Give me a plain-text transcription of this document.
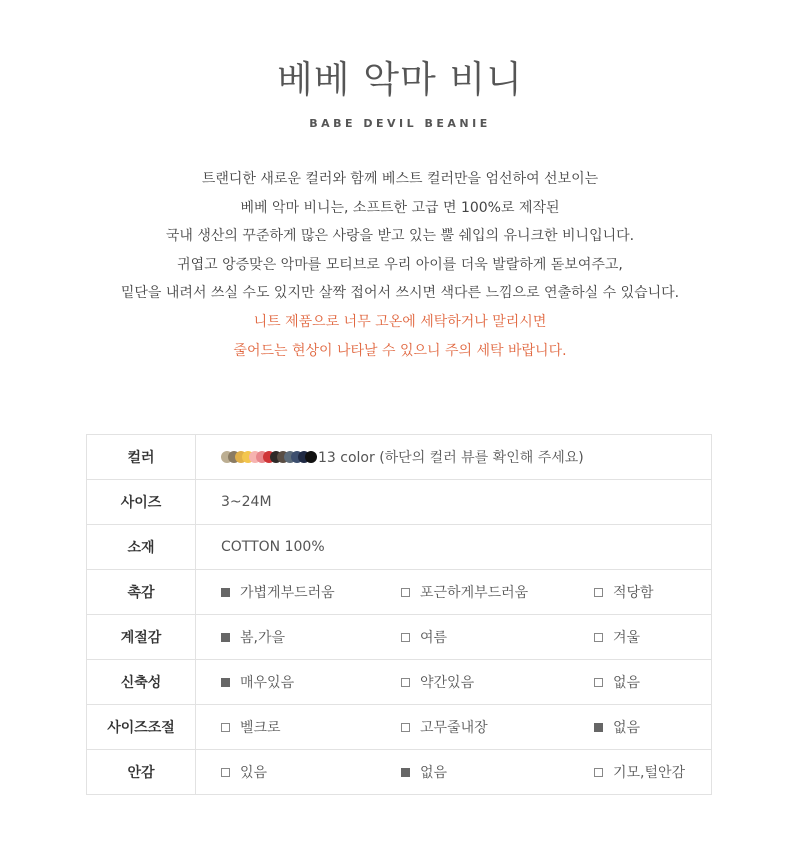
베베 악마 비니
BABE DEVIL BEANIE
트랜디한 새로운 컬러와 함께 베스트 컬러만을 엄선하여 선보이는
베베 악마 비니는, 소프트한 고급 면 100%로 제작된
국내 생산의 꾸준하게 많은 사랑을 받고 있는 뿔 쉐입의 유니크한 비니입니다.
귀엽고 앙증맞은 악마를 모티브로 우리 아이를 더욱 발랄하게 돋보여주고,
밑단을 내려서 쓰실 수도 있지만 살짝 접어서 쓰시면 색다른 느낌으로 연출하실 수 있습니다.
니트 제품으로 너무 고온에 세탁하거나 말리시면
줄어드는 현상이 나타날 수 있으니 주의 세탁 바랍니다.
컬러	13 color (하단의 컬러 뷰를 확인해 주세요)

사이즈	3~24M
소재	COTTON 100%
촉감	가볍게부드러움 포근하게부드러움 적당함

계절감	봄,가을 여름 겨울

신축성	매우있음 약간있음 없음

사이즈조절	벨크로 고무줄내장 없음

안감	있음 없음 기모,털안감
